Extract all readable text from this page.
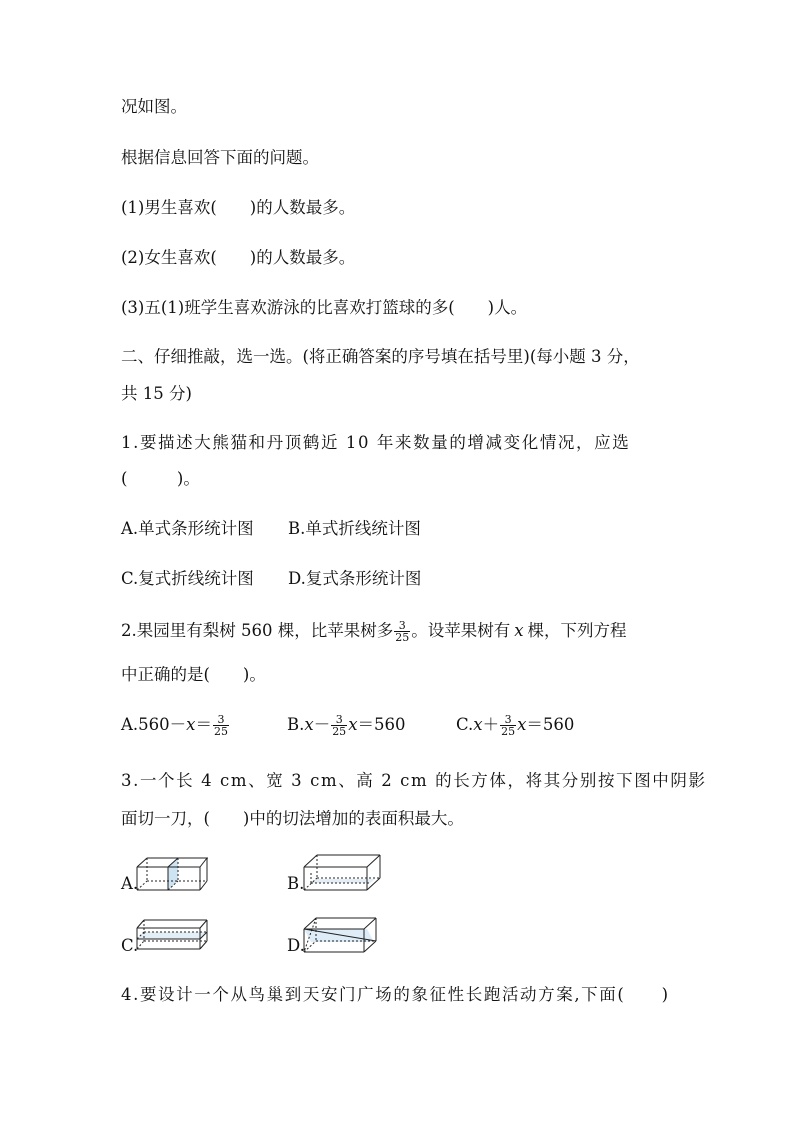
况如图。
根据信息回答下面的问题。
(1)男生喜欢(　　)的人数最多。
(2)女生喜欢(　　)的人数最多。
(3)五(1)班学生喜欢游泳的比喜欢打篮球的多(　　)人。
二、仔细推敲，选一选。(将正确答案的序号填在括号里)(每小题 3 分，
共 15 分)
1.要描述大熊猫和丹顶鹤近 10 年来数量的增减变化情况，应选
(　　　)。
A.单式条形统计图 B.单式折线统计图
C.复式折线统计图 D.复式条形统计图
2.果园里有梨树 560 棵，比苹果树多 $\frac{3}{25}$ 。设苹果树有 x 棵，下列方程
中正确的是(　　)。
$A.560-x= \frac{3}{25}$	$B.x- \frac{3}{25} x=560$	$C.x+ \frac{3}{25} x=560$
3.一个长 4 cm、宽 3 cm、高 2 cm 的长方体，将其分别按下图中阴影
面切一刀，(　　)中的切法增加的表面积最大。
A.	B.
C.	D.
4.要设计一个从鸟巢到天安门广场的象征性长跑活动方案,下面(　　)
